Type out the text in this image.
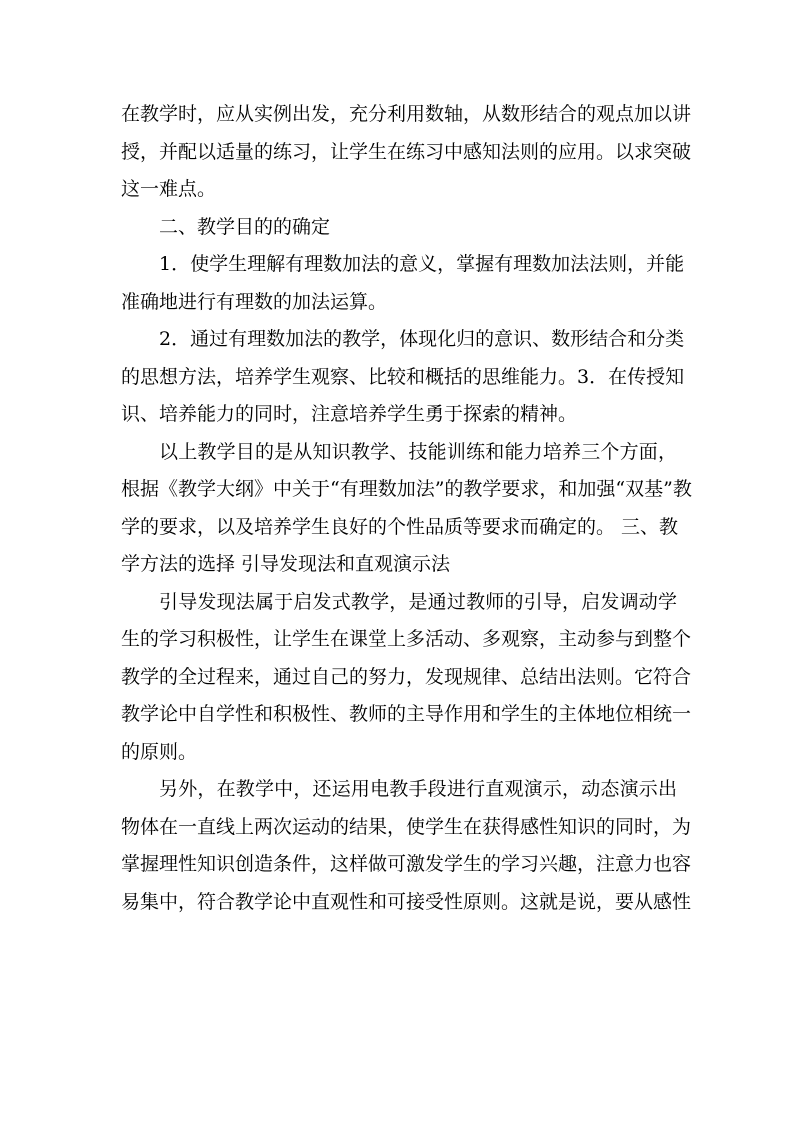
在教学时，应从实例出发，充分利用数轴，从数形结合的观点加以讲
授，并配以适量的练习，让学生在练习中感知法则的应用。以求突破
这一难点。
二、教学目的的确定
1．使学生理解有理数加法的意义，掌握有理数加法法则，并能
准确地进行有理数的加法运算。
2．通过有理数加法的教学，体现化归的意识、数形结合和分类
的思想方法，培养学生观察、比较和概括的思维能力。3．在传授知
识、培养能力的同时，注意培养学生勇于探索的精神。
以上教学目的是从知识教学、技能训练和能力培养三个方面，
根据《教学大纲》中关于“有理数加法”的教学要求，和加强“双基”教
学的要求，以及培养学生良好的个性品质等要求而确定的。 三、教
学方法的选择 引导发现法和直观演示法
引导发现法属于启发式教学，是通过教师的引导，启发调动学
生的学习积极性，让学生在课堂上多活动、多观察，主动参与到整个
教学的全过程来，通过自己的努力，发现规律、总结出法则。它符合
教学论中自学性和积极性、教师的主导作用和学生的主体地位相统一
的原则。
另外，在教学中，还运用电教手段进行直观演示，动态演示出
物体在一直线上两次运动的结果，使学生在获得感性知识的同时，为
掌握理性知识创造条件，这样做可激发学生的学习兴趣，注意力也容
易集中，符合教学论中直观性和可接受性原则。这就是说，要从感性
